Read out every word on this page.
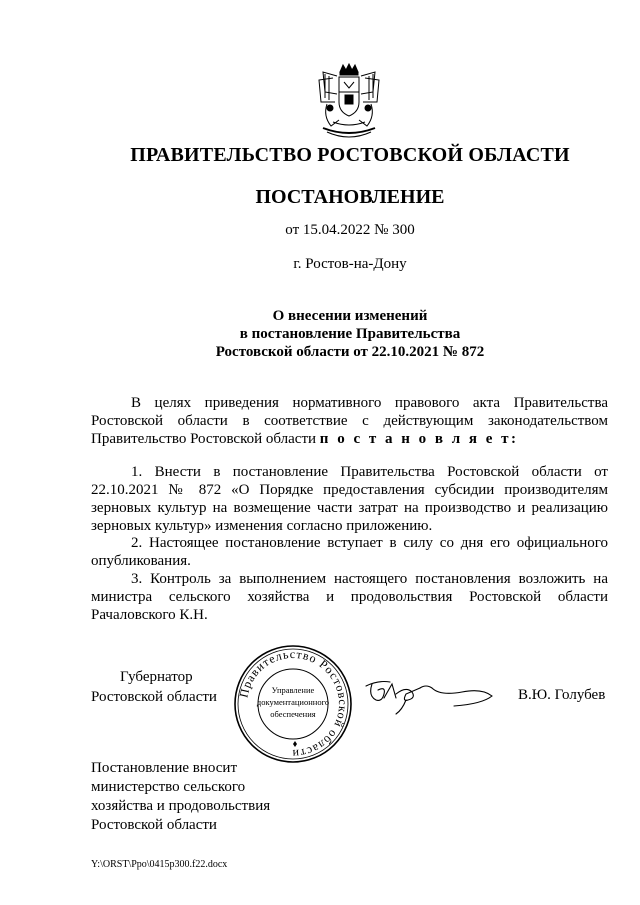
ПРАВИТЕЛЬСТВО РОСТОВСКОЙ ОБЛАСТИ
ПОСТАНОВЛЕНИЕ
от 15.04.2022 № 300
г. Ростов-на-Дону
О внесении изменений
в постановление Правительства
Ростовской области от 22.10.2021 № 872
В целях приведения нормативного правового акта Правительства Ростовской области в соответствие с действующим законодательством Правительство Ростовской области п о с т а н о в л я е т:
1. Внести в постановление Правительства Ростовской области от 22.10.2021 № 872 «О Порядке предоставления субсидии производителям зерновых культур на возмещение части затрат на производство и реализацию зерновых культур» изменения согласно приложению.
2. Настоящее постановление вступает в силу со дня его официального опубликования.
3. Контроль за выполнением настоящего постановления возложить на министра сельского хозяйства и продовольствия Ростовской области Рачаловского К.Н.
Губернатор
Ростовской области Правительство Ростовской области
Управление
документационного
обеспечения
В.Ю. Голубев
Постановление вносит
министерство сельского
хозяйства и продовольствия
Ростовской области
Y:\ORST\Ppo\0415p300.f22.docx
